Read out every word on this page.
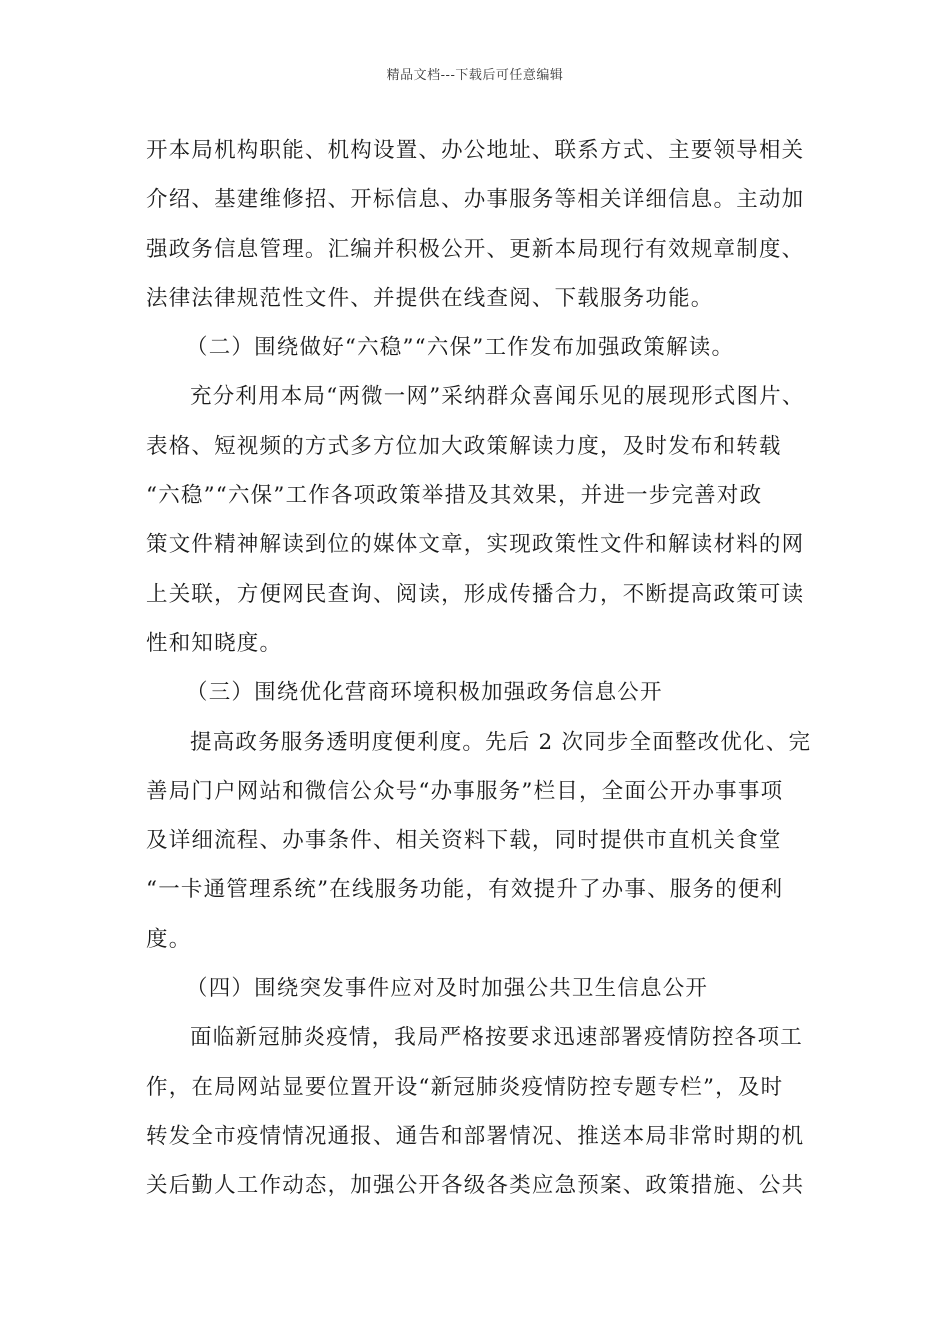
精品文档---下载后可任意编辑
开本局机构职能、机构设置、办公地址、联系方式、主要领导相关
介绍、基建维修招、开标信息、办事服务等相关详细信息。主动加
强政务信息管理。汇编并积极公开、更新本局现行有效规章制度、
法律法律规范性文件、并提供在线查阅、下载服务功能。
（二）围绕做好“六稳”“六保”工作发布加强政策解读。
充分利用本局“两微一网”采纳群众喜闻乐见的展现形式图片、
表格、短视频的方式多方位加大政策解读力度，及时发布和转载
“六稳”“六保”工作各项政策举措及其效果，并进一步完善对政
策文件精神解读到位的媒体文章，实现政策性文件和解读材料的网
上关联，方便网民查询、阅读，形成传播合力，不断提高政策可读
性和知晓度。
（三）围绕优化营商环境积极加强政务信息公开
提高政务服务透明度便利度。先后 2 次同步全面整改优化、完
善局门户网站和微信公众号“办事服务”栏目，全面公开办事事项
及详细流程、办事条件、相关资料下载，同时提供市直机关食堂
“一卡通管理系统”在线服务功能，有效提升了办事、服务的便利
度。
（四）围绕突发事件应对及时加强公共卫生信息公开
面临新冠肺炎疫情，我局严格按要求迅速部署疫情防控各项工
作，在局网站显要位置开设“新冠肺炎疫情防控专题专栏”，及时
转发全市疫情情况通报、通告和部署情况、推送本局非常时期的机
关后勤人工作动态，加强公开各级各类应急预案、政策措施、公共
